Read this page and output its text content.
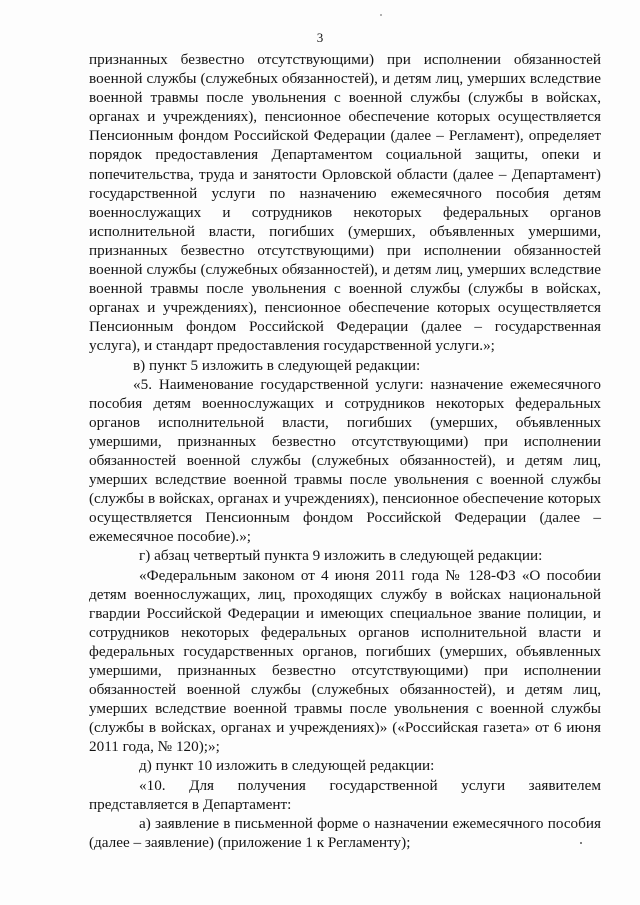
3

признанных безвестно отсутствующими) при исполнении обязанностей военной службы (служебных обязанностей), и детям лиц, умерших вследствие военной травмы после увольнения с военной службы (службы в войсках, органах и учреждениях), пенсионное обеспечение которых осуществляется Пенсионным фондом Российской Федерации (далее – Регламент), определяет порядок предоставления Департаментом социальной защиты, опеки и попечительства, труда и занятости Орловской области (далее – Департамент) государственной услуги по назначению ежемесячного пособия детям военнослужащих и сотрудников некоторых федеральных органов исполнительной власти, погибших (умерших, объявленных умершими, признанных безвестно отсутствующими) при исполнении обязанностей военной службы (служебных обязанностей), и детям лиц, умерших вследствие военной травмы после увольнения с военной службы (службы в войсках, органах и учреждениях), пенсионное обеспечение которых осуществляется Пенсионным фондом Российской Федерации (далее – государственная услуга), и стандарт предоставления государственной услуги.»;

в) пункт 5 изложить в следующей редакции:

«5. Наименование государственной услуги: назначение ежемесячного пособия детям военнослужащих и сотрудников некоторых федеральных органов исполнительной власти, погибших (умерших, объявленных умершими, признанных безвестно отсутствующими) при исполнении обязанностей военной службы (служебных обязанностей), и детям лиц, умерших вследствие военной травмы после увольнения с военной службы (службы в войсках, органах и учреждениях), пенсионное обеспечение которых осуществляется Пенсионным фондом Российской Федерации (далее – ежемесячное пособие).»;

г) абзац четвертый пункта 9 изложить в следующей редакции:

«Федеральным законом от 4 июня 2011 года № 128-ФЗ «О пособии детям военнослужащих, лиц, проходящих службу в войсках национальной гвардии Российской Федерации и имеющих специальное звание полиции, и сотрудников некоторых федеральных органов исполнительной власти и федеральных государственных органов, погибших (умерших, объявленных умершими, признанных безвестно отсутствующими) при исполнении обязанностей военной службы (служебных обязанностей), и детям лиц, умерших вследствие военной травмы после увольнения с военной службы (службы в войсках, органах и учреждениях)» («Российская газета» от 6 июня 2011 года, № 120);»;

д) пункт 10 изложить в следующей редакции:

«10. Для получения государственной услуги заявителем

представляется в Департамент:

а) заявление в письменной форме о назначении ежемесячного пособия (далее – заявление) (приложение 1 к Регламенту);
